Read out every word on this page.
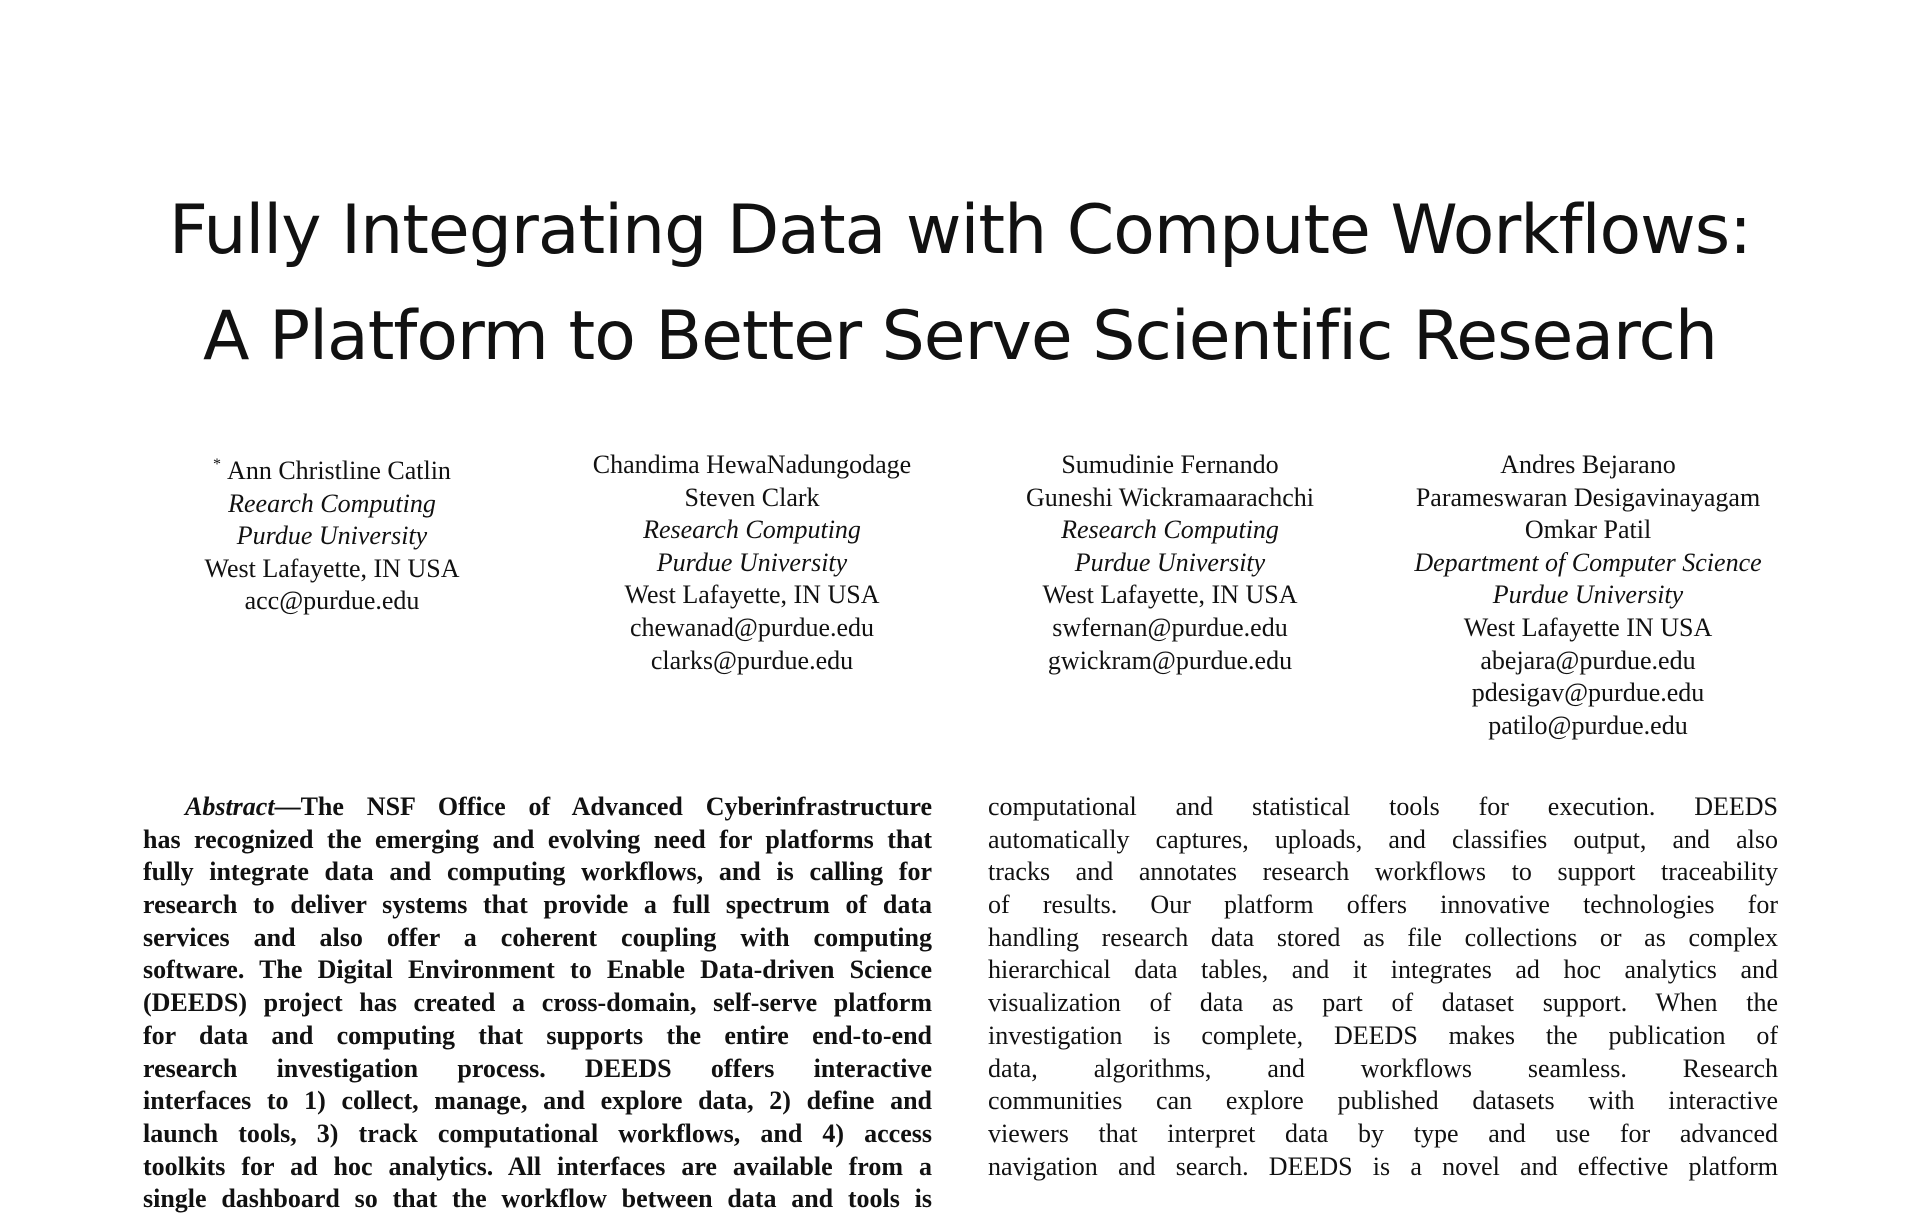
Fully Integrating Data with Compute Workflows:
A Platform to Better Serve Scientific Research
* Ann Christline Catlin
Reearch Computing
Purdue University
West Lafayette, IN USA
acc@purdue.edu
Chandima HewaNadungodage
Steven Clark
Research Computing
Purdue University
West Lafayette, IN USA
chewanad@purdue.edu
clarks@purdue.edu
Sumudinie Fernando
Guneshi Wickramaarachchi
Research Computing
Purdue University
West Lafayette, IN USA
swfernan@purdue.edu
gwickram@purdue.edu
Andres Bejarano
Parameswaran Desigavinayagam
Omkar Patil
Department of Computer Science
Purdue University
West Lafayette IN USA
abejara@purdue.edu
pdesigav@purdue.edu
patilo@purdue.edu
Abstract—The NSF Office of Advanced Cyberinfrastructure
has recognized the emerging and evolving need for platforms that
fully integrate data and computing workflows, and is calling for
research to deliver systems that provide a full spectrum of data
services and also offer a coherent coupling with computing
software. The Digital Environment to Enable Data-driven Science
(DEEDS) project has created a cross-domain, self-serve platform
for data and computing that supports the entire end-to-end
research investigation process. DEEDS offers interactive
interfaces to 1) collect, manage, and explore data, 2) define and
launch tools, 3) track computational workflows, and 4) access
toolkits for ad hoc analytics. All interfaces are available from a
single dashboard so that the workflow between data and tools is
computational and statistical tools for execution. DEEDS
automatically captures, uploads, and classifies output, and also
tracks and annotates research workflows to support traceability
of results. Our platform offers innovative technologies for
handling research data stored as file collections or as complex
hierarchical data tables, and it integrates ad hoc analytics and
visualization of data as part of dataset support. When the
investigation is complete, DEEDS makes the publication of
data, algorithms, and workflows seamless. Research
communities can explore published datasets with interactive
viewers that interpret data by type and use for advanced
navigation and search. DEEDS is a novel and effective platform
